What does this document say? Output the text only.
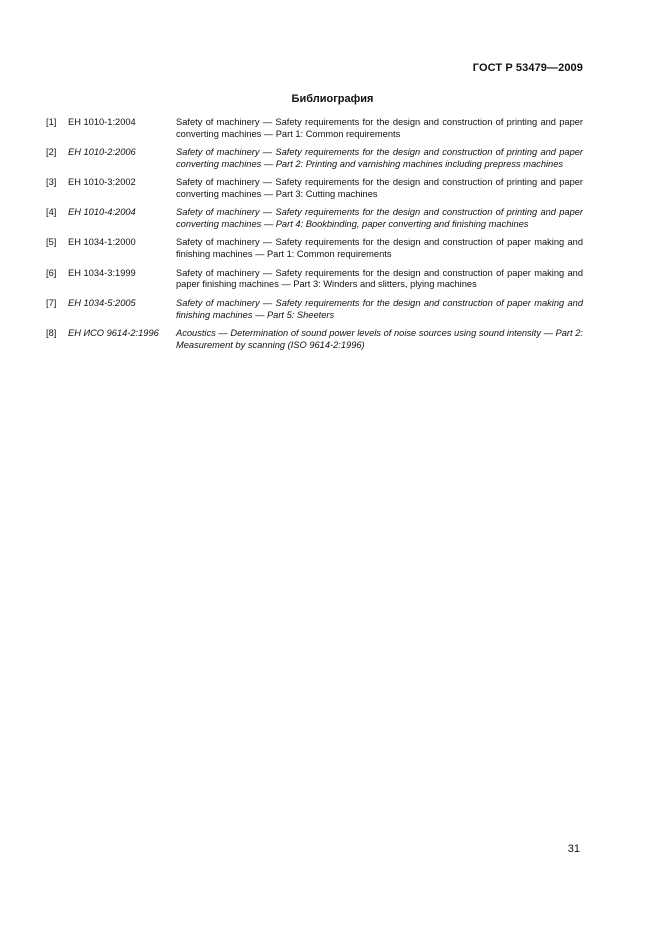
ГОСТ Р 53479—2009
Библиография
[1]	ЕН 1010-1:2004	Safety of machinery — Safety requirements for the design and construction of printing and paper converting machines — Part 1: Common requirements
[2]	ЕН 1010-2:2006	Safety of machinery — Safety requirements for the design and construction of printing and paper converting machines — Part 2: Printing and varnishing machines including prepress machines
[3]	ЕН 1010-3:2002	Safety of machinery — Safety requirements for the design and construction of printing and paper converting machines — Part 3: Cutting machines
[4]	ЕН 1010-4:2004	Safety of machinery — Safety requirements for the design and construction of printing and paper converting machines — Part 4: Bookbinding, paper converting and finishing machines
[5]	ЕН 1034-1:2000	Safety of machinery — Safety requirements for the design and construction of paper making and finishing machines — Part 1: Common requirements
[6]	ЕН 1034-3:1999	Safety of machinery — Safety requirements for the design and construction of paper making and paper finishing machines — Part 3: Winders and slitters, plying machines
[7]	ЕН 1034-5:2005	Safety of machinery — Safety requirements for the design and construction of paper making and finishing machines — Part 5: Sheeters
[8]	ЕН ИСО 9614-2:1996	Acoustics — Determination of sound power levels of noise sources using sound intensity — Part 2: Measurement by scanning (ISO 9614-2:1996)
31
